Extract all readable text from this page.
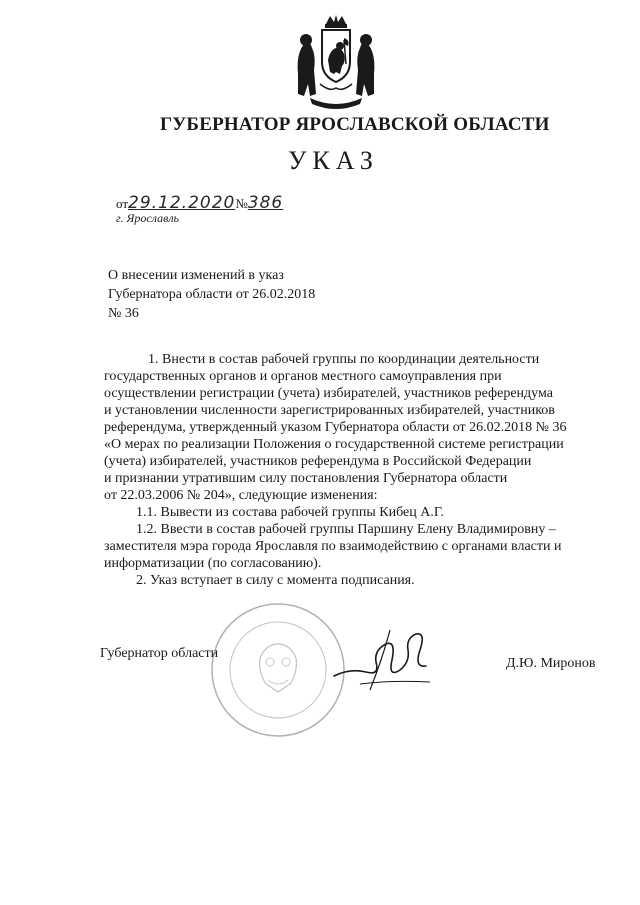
ГУБЕРНАТОР ЯРОСЛАВСКОЙ ОБЛАСТИ
УКАЗ
от29.12.2020№386
г. Ярославль
О внесении изменений в указ
Губернатора области от 26.02.2018
№ 36
1. Внести в состав рабочей группы по координации деятельности
государственных органов и органов местного самоуправления при
осуществлении регистрации (учета) избирателей, участников референдума
и установлении численности зарегистрированных избирателей, участников
референдума, утвержденный указом Губернатора области от 26.02.2018 № 36
«О мерах по реализации Положения о государственной системе регистрации
(учета) избирателей, участников референдума в Российской Федерации
и признании утратившим силу постановления Губернатора области
от 22.03.2006 № 204», следующие изменения:
1.1. Вывести из состава рабочей группы Кибец А.Г.
1.2. Ввести в состав рабочей группы Паршину Елену Владимировну –
заместителя мэра города Ярославля по взаимодействию с органами власти и
информатизации (по согласованию).
2. Указ вступает в силу с момента подписания.
Губернатор области
Д.Ю. Миронов
